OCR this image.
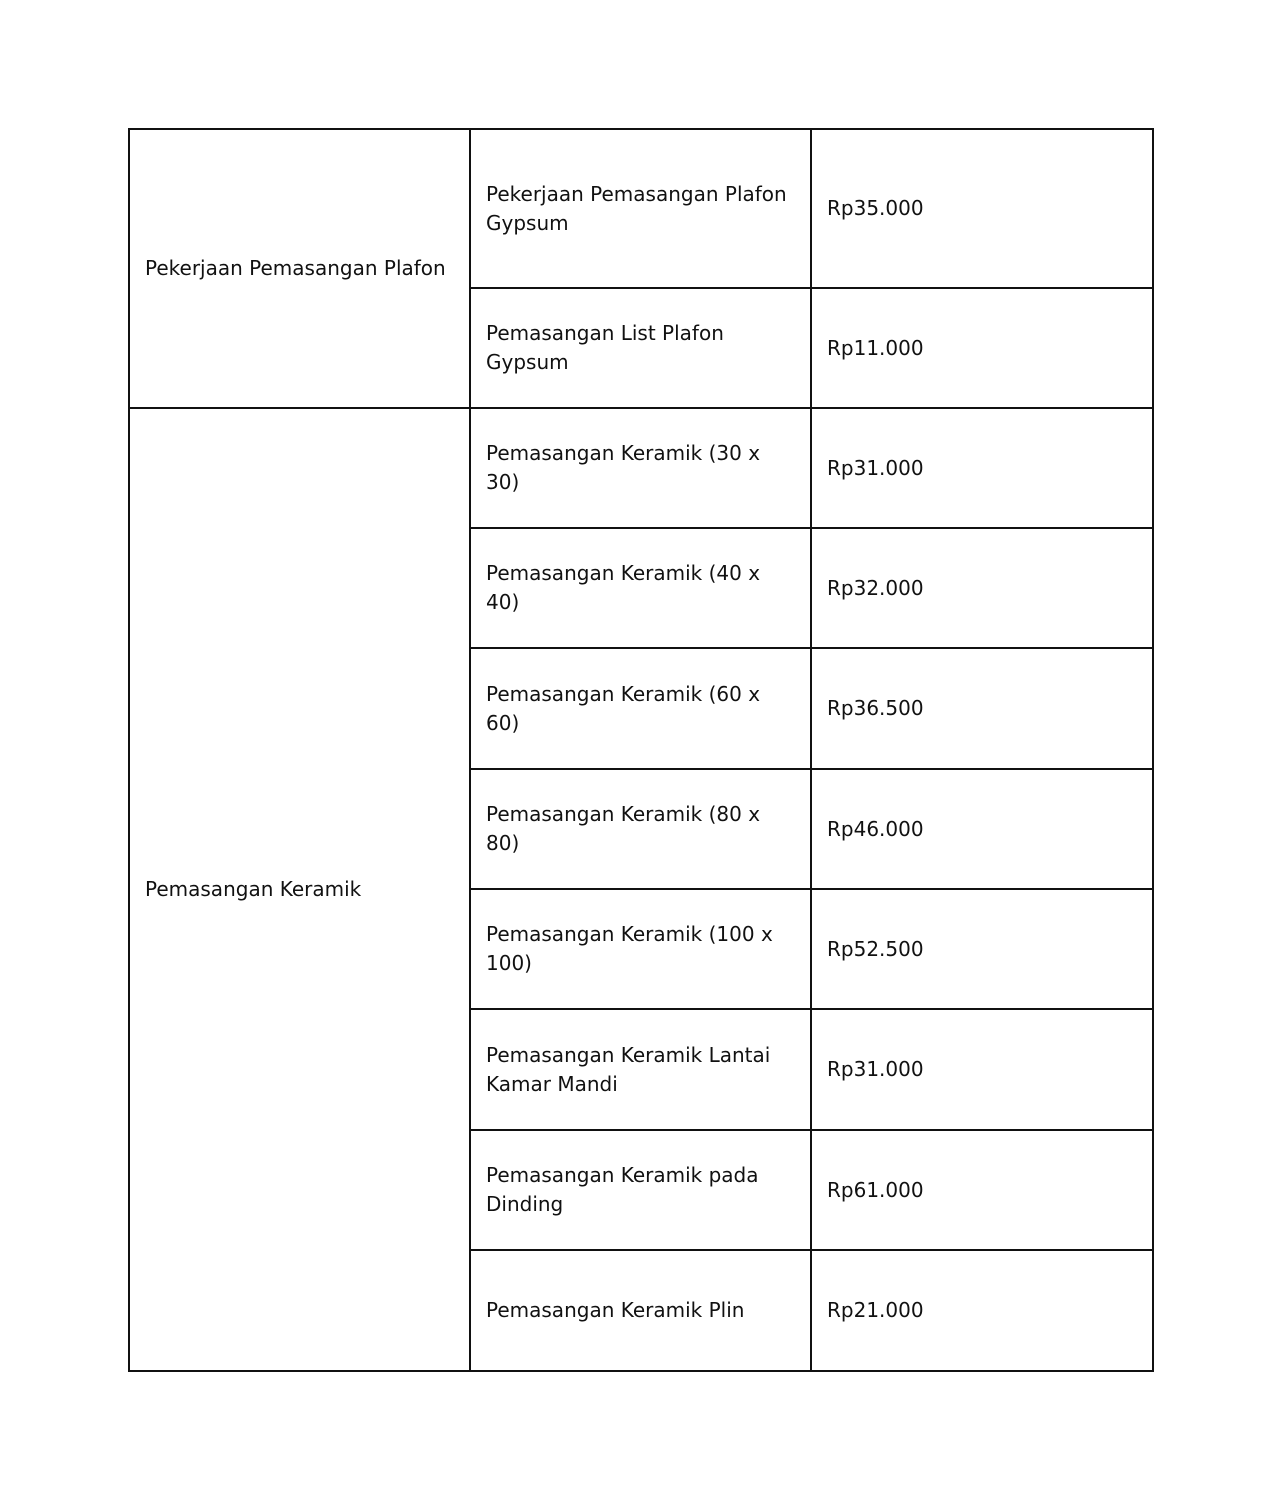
Pekerjaan Pemasangan Plafon	Pekerjaan Pemasangan Plafon Gypsum	Rp35.000

	Pemasangan List Plafon Gypsum	Rp11.000

Pemasangan Keramik	Pemasangan Keramik (30 x 30)	Rp31.000

	Pemasangan Keramik (40 x 40)	Rp32.000

	Pemasangan Keramik (60 x 60)	Rp36.500

	Pemasangan Keramik (80 x 80)	Rp46.000

	Pemasangan Keramik (100 x 100)	Rp52.500

	Pemasangan Keramik Lantai Kamar Mandi	Rp31.000

	Pemasangan Keramik pada Dinding	Rp61.000

	Pemasangan Keramik Plin	Rp21.000
